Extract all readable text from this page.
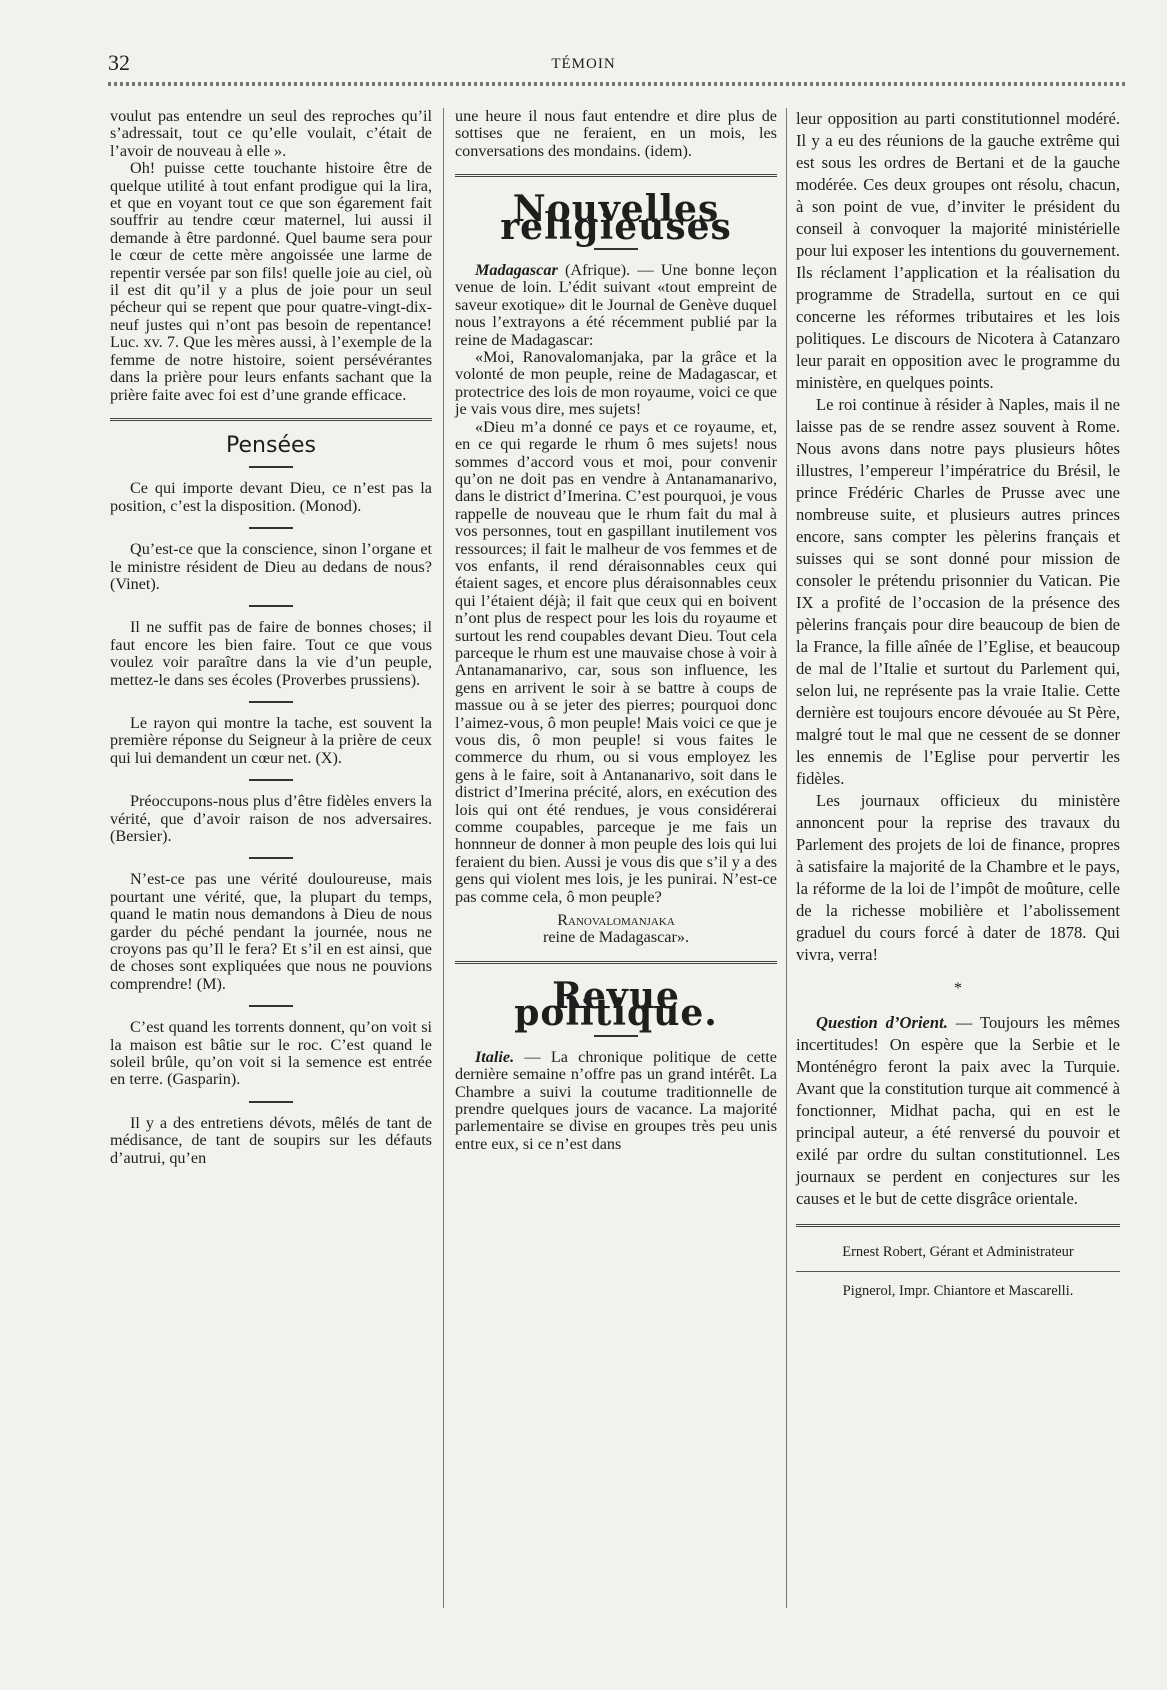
32	TÉMOIN

voulut pas entendre un seul des reproches qu’il s’adressait, tout ce qu’elle voulait, c’était de l’avoir de nouveau à elle ».

Oh! puisse cette touchante histoire être de quelque utilité à tout enfant prodigue qui la lira, et que en voyant tout ce que son égarement fait souffrir au tendre cœur maternel, lui aussi il demande à être pardonné. Quel baume sera pour le cœur de cette mère angoissée une larme de repentir versée par son fils! quelle joie au ciel, où il est dit qu’il y a plus de joie pour un seul pécheur qui se repent que pour quatre-vingt-dix-neuf justes qui n’ont pas besoin de repentance! Luc. xv. 7. Que les mères aussi, à l’exemple de la femme de notre histoire, soient persévérantes dans la prière pour leurs enfants sachant que la prière faite avec foi est d’une grande efficace.

Pensées

Ce qui importe devant Dieu, ce n’est pas la position, c’est la disposition. (Monod).

Qu’est-ce que la conscience, sinon l’organe et le ministre résident de Dieu au dedans de nous? (Vinet).

Il ne suffit pas de faire de bonnes choses; il faut encore les bien faire. Tout ce que vous voulez voir paraître dans la vie d’un peuple, mettez-le dans ses écoles (Proverbes prussiens).

Le rayon qui montre la tache, est souvent la première réponse du Seigneur à la prière de ceux qui lui demandent un cœur net. (X).

Préoccupons-nous plus d’être fidèles envers la vérité, que d’avoir raison de nos adversaires. (Bersier).

N’est-ce pas une vérité douloureuse, mais pourtant une vérité, que, la plupart du temps, quand le matin nous demandons à Dieu de nous garder du péché pendant la journée, nous ne croyons pas qu’Il le fera? Et s’il en est ainsi, que de choses sont expliquées que nous ne pouvions comprendre! (M).

C’est quand les torrents donnent, qu’on voit si la maison est bâtie sur le roc. C’est quand le soleil brûle, qu’on voit si la semence est entrée en terre. (Gasparin).

Il y a des entretiens dévots, mêlés de tant de médisance, de tant de soupirs sur les défauts d’autrui, qu’en

une heure il nous faut entendre et dire plus de sottises que ne feraient, en un mois, les conversations des mondains. (idem).

Nouvelles religieuses

Madagascar (Afrique). — Une bonne leçon venue de loin. L’édit suivant «tout empreint de saveur exotique» dit le Journal de Genève duquel nous l’extrayons a été récemment publié par la reine de Madagascar:

«Moi, Ranovalomanjaka, par la grâce et la volonté de mon peuple, reine de Madagascar, et protectrice des lois de mon royaume, voici ce que je vais vous dire, mes sujets!

«Dieu m’a donné ce pays et ce royaume, et, en ce qui regarde le rhum ô mes sujets! nous sommes d’accord vous et moi, pour convenir qu’on ne doit pas en vendre à Antanamanarivo, dans le district d’Imerina. C’est pourquoi, je vous rappelle de nouveau que le rhum fait du mal à vos personnes, tout en gaspillant inutilement vos ressources; il fait le malheur de vos femmes et de vos enfants, il rend déraisonnables ceux qui étaient sages, et encore plus déraisonnables ceux qui l’étaient déjà; il fait que ceux qui en boivent n’ont plus de respect pour les lois du royaume et surtout les rend coupables devant Dieu. Tout cela parceque le rhum est une mauvaise chose à voir à Antanamanarivo, car, sous son influence, les gens en arrivent le soir à se battre à coups de massue ou à se jeter des pierres; pourquoi donc l’aimez-vous, ô mon peuple! Mais voici ce que je vous dis, ô mon peuple! si vous faites le commerce du rhum, ou si vous employez les gens à le faire, soit à Antananarivo, soit dans le district d’Imerina précité, alors, en exécution des lois qui ont été rendues, je vous considérerai comme coupables, parceque je me fais un honnneur de donner à mon peuple des lois qui lui feraient du bien. Aussi je vous dis que s’il y a des gens qui violent mes lois, je les punirai. N’est-ce pas comme cela, ô mon peuple?

Ranovalomanjaka

reine de Madagascar».

Revue politique.

Italie. — La chronique politique de cette dernière semaine n’offre pas un grand intérêt. La Chambre a suivi la coutume traditionnelle de prendre quelques jours de vacance. La majorité parlementaire se divise en groupes très peu unis entre eux, si ce n’est dans

leur opposition au parti constitutionnel modéré. Il y a eu des réunions de la gauche extrême qui est sous les ordres de Bertani et de la gauche modérée. Ces deux groupes ont résolu, chacun, à son point de vue, d’inviter le président du conseil à convoquer la majorité ministérielle pour lui exposer les intentions du gouvernement. Ils réclament l’application et la réalisation du programme de Stradella, surtout en ce qui concerne les réformes tributaires et les lois politiques. Le discours de Nicotera à Catanzaro leur parait en opposition avec le programme du ministère, en quelques points.

Le roi continue à résider à Naples, mais il ne laisse pas de se rendre assez souvent à Rome. Nous avons dans notre pays plusieurs hôtes illustres, l’empereur l’impératrice du Brésil, le prince Frédéric Charles de Prusse avec une nombreuse suite, et plusieurs autres princes encore, sans compter les pèlerins français et suisses qui se sont donné pour mission de consoler le prétendu prisonnier du Vatican. Pie IX a profité de l’occasion de la présence des pèlerins français pour dire beaucoup de bien de la France, la fille aînée de l’Eglise, et beaucoup de mal de l’Italie et surtout du Parlement qui, selon lui, ne représente pas la vraie Italie. Cette dernière est toujours encore dévouée au St Père, malgré tout le mal que ne cessent de se donner les ennemis de l’Eglise pour pervertir les fidèles.

Les journaux officieux du ministère annoncent pour la reprise des travaux du Parlement des projets de loi de finance, propres à satisfaire la majorité de la Chambre et le pays, la réforme de la loi de l’impôt de moûture, celle de la richesse mobilière et l’abolissement graduel du cours forcé à dater de 1878. Qui vivra, verra!

*

Question d’Orient. — Toujours les mêmes incertitudes! On espère que la Serbie et le Monténégro feront la paix avec la Turquie. Avant que la constitution turque ait commencé à fonctionner, Midhat pacha, qui en est le principal auteur, a été renversé du pouvoir et exilé par ordre du sultan constitutionnel. Les journaux se perdent en conjectures sur les causes et le but de cette disgrâce orientale.

Ernest Robert, Gérant et Administrateur

Pignerol, Impr. Chiantore et Mascarelli.
